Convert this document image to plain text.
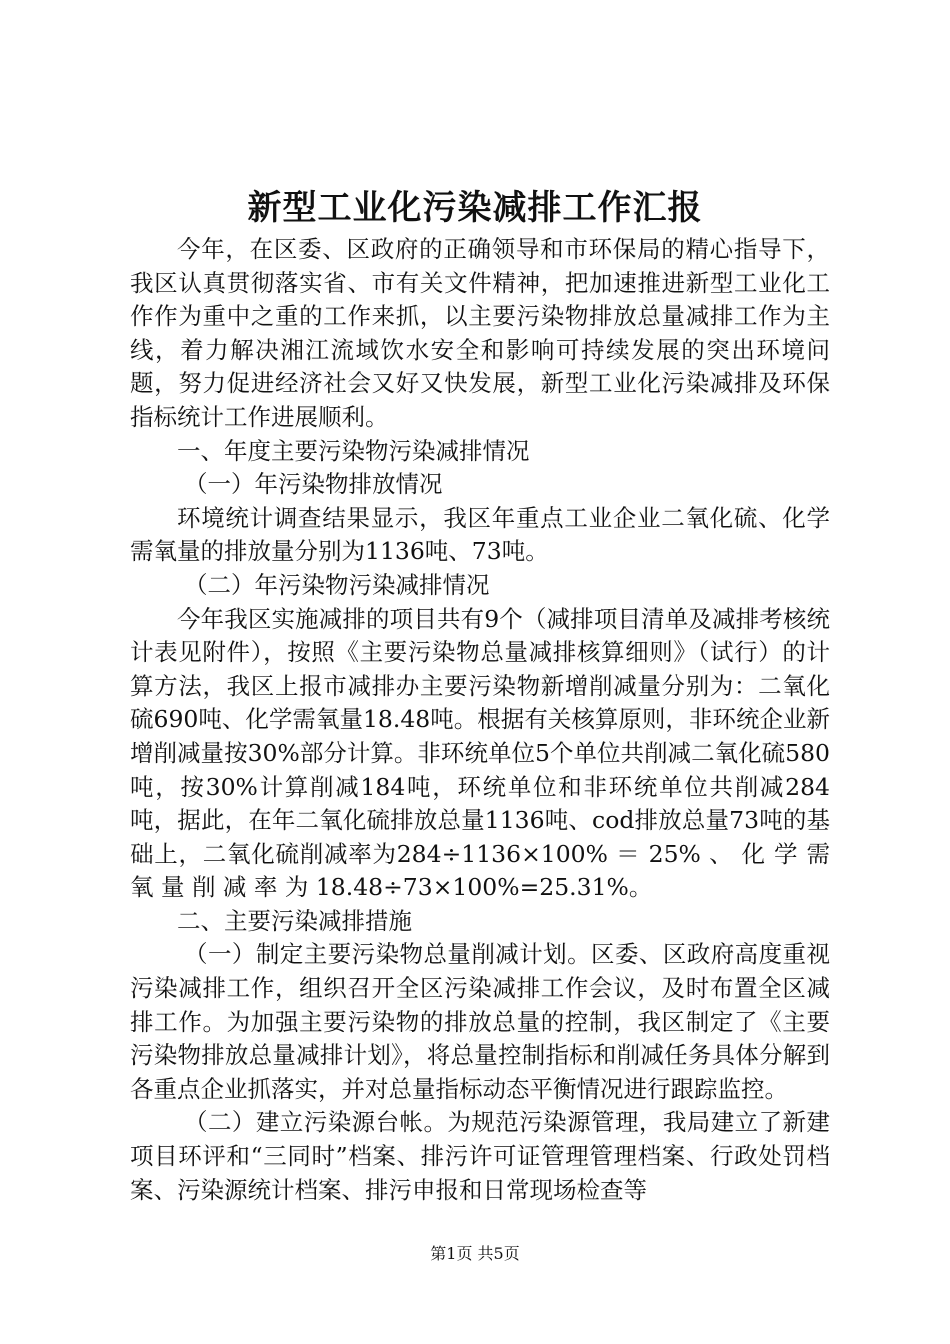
新型工业化污染减排工作汇报

今年，在区委、区政府的正确领导和市环保局的精心指导下，我区认真贯彻落实省、市有关文件精神，把加速推进新型工业化工作作为重中之重的工作来抓，以主要污染物排放总量减排工作为主线，着力解决湘江流域饮水安全和影响可持续发展的突出环境问题，努力促进经济社会又好又快发展，新型工业化污染减排及环保指标统计工作进展顺利。

一、年度主要污染物污染减排情况

（一）年污染物排放情况

环境统计调查结果显示，我区年重点工业企业二氧化硫、化学需氧量的排放量分别为1136吨、73吨。

（二）年污染物污染减排情况

今年我区实施减排的项目共有9个（减排项目清单及减排考核统计表见附件），按照《主要污染物总量减排核算细则》（试行）的计算方法，我区上报市减排办主要污染物新增削减量分别为：二氧化硫690吨、化学需氧量18.48吨。根据有关核算原则，非环统企业新增削减量按30%部分计算。非环统单位5个单位共削减二氧化硫580吨，按30%计算削减184吨，环统单位和非环统单位共削减284吨，据此，在年二氧化硫排放总量1136吨、cod排放总量73吨的基础上，二氧化硫削减率为284÷1136×100% ＝ 25% 、 化 学 需 氧 量 削 减 率 为 18.48÷73×100%=25.31%。

二、主要污染减排措施

（一）制定主要污染物总量削减计划。区委、区政府高度重视污染减排工作，组织召开全区污染减排工作会议，及时布置全区减排工作。为加强主要污染物的排放总量的控制，我区制定了《主要污染物排放总量减排计划》，将总量控制指标和削减任务具体分解到各重点企业抓落实，并对总量指标动态平衡情况进行跟踪监控。

（二）建立污染源台帐。为规范污染源管理，我局建立了新建项目环评和“三同时”档案、排污许可证管理管理档案、行政处罚档案、污染源统计档案、排污申报和日常现场检查等

第1页 共5页
